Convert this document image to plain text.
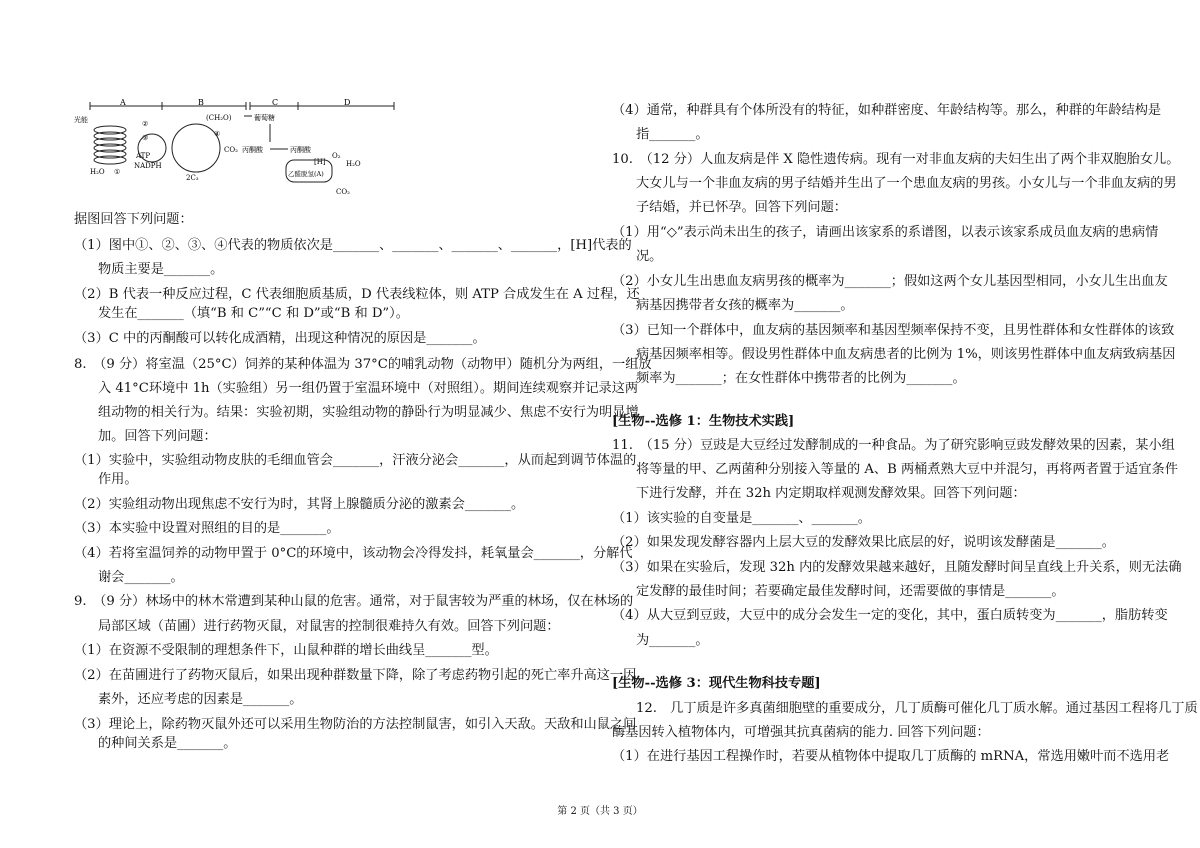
A	B	C	D
光能
H₂O ①
②
③
ATP
NADPH
④
CO₂
2C₃
(CH₂O)	葡萄糖
丙酮酸	丙酮酸
[H]
O₂
H₂O
乙醛脱氢(A)
CO₂
据图回答下列问题：
（1）图中①、②、③、④代表的物质依次是_______、_______、_______、_______，[H]代表的
物质主要是_______。
（2）B 代表一种反应过程，C 代表细胞质基质，D 代表线粒体，则 ATP 合成发生在 A 过程，还
发生在_______（填“B 和 C”“C 和 D”或“B 和 D”）。
（3）C 中的丙酮酸可以转化成酒精，出现这种情况的原因是_______。
8.　（9 分）将室温（25°C）饲养的某种体温为 37°C的哺乳动物（动物甲）随机分为两组，一组放
入 41°C环境中 1h（实验组）另一组仍置于室温环境中（对照组）。期间连续观察并记录这两
组动物的相关行为。结果：实验初期，实验组动物的静卧行为明显减少、焦虑不安行为明显增
加。回答下列问题：
（1）实验中，实验组动物皮肤的毛细血管会_______，汗液分泌会_______，从而起到调节体温的
作用。
（2）实验组动物出现焦虑不安行为时，其肾上腺髓质分泌的激素会_______。
（3）本实验中设置对照组的目的是_______。
（4）若将室温饲养的动物甲置于 0°C的环境中，该动物会冷得发抖，耗氧量会_______，分解代
谢会_______。
9.　（9 分）林场中的林木常遭到某种山鼠的危害。通常，对于鼠害较为严重的林场，仅在林场的
局部区域（苗圃）进行药物灭鼠，对鼠害的控制很难持久有效。回答下列问题：
（1）在资源不受限制的理想条件下，山鼠种群的增长曲线呈_______型。
（2）在苗圃进行了药物灭鼠后，如果出现种群数量下降，除了考虑药物引起的死亡率升高这一因
素外，还应考虑的因素是_______。
（3）理论上，除药物灭鼠外还可以采用生物防治的方法控制鼠害，如引入天敌。天敌和山鼠之间
的种间关系是_______。
（4）通常，种群具有个体所没有的特征，如种群密度、年龄结构等。那么，种群的年龄结构是
指_______。
10.　（12 分）人血友病是伴 X 隐性遗传病。现有一对非血友病的夫妇生出了两个非双胞胎女儿。
大女儿与一个非血友病的男子结婚并生出了一个患血友病的男孩。小女儿与一个非血友病的男
子结婚，并已怀孕。回答下列问题：
（1）用“◇”表示尚未出生的孩子，请画出该家系的系谱图，以表示该家系成员血友病的患病情
况。
（2）小女儿生出患血友病男孩的概率为_______；假如这两个女儿基因型相同，小女儿生出血友
病基因携带者女孩的概率为_______。
（3）已知一个群体中，血友病的基因频率和基因型频率保持不变，且男性群体和女性群体的该致
病基因频率相等。假设男性群体中血友病患者的比例为 1%，则该男性群体中血友病致病基因
频率为_______；在女性群体中携带者的比例为_______。
[生物--选修 1：生物技术实践]
11.　（15 分）豆豉是大豆经过发酵制成的一种食品。为了研究影响豆豉发酵效果的因素，某小组
将等量的甲、乙两菌种分别接入等量的 A、B 两桶煮熟大豆中并混匀，再将两者置于适宜条件
下进行发酵，并在 32h 内定期取样观测发酵效果。回答下列问题：
（1）该实验的自变量是_______、_______。
（2）如果发现发酵容器内上层大豆的发酵效果比底层的好，说明该发酵菌是_______。
（3）如果在实验后，发现 32h 内的发酵效果越来越好，且随发酵时间呈直线上升关系，则无法确
定发酵的最佳时间；若要确定最佳发酵时间，还需要做的事情是_______。
（4）从大豆到豆豉，大豆中的成分会发生一定的变化，其中，蛋白质转变为_______，脂肪转变
为_______。
[生物--选修 3：现代生物科技专题]
12.　几丁质是许多真菌细胞壁的重要成分，几丁质酶可催化几丁质水解。通过基因工程将几丁质
酶基因转入植物体内，可增强其抗真菌病的能力. 回答下列问题：
（1）在进行基因工程操作时，若要从植物体中提取几丁质酶的 mRNA，常选用嫩叶而不选用老
第 2 页（共 3 页）
